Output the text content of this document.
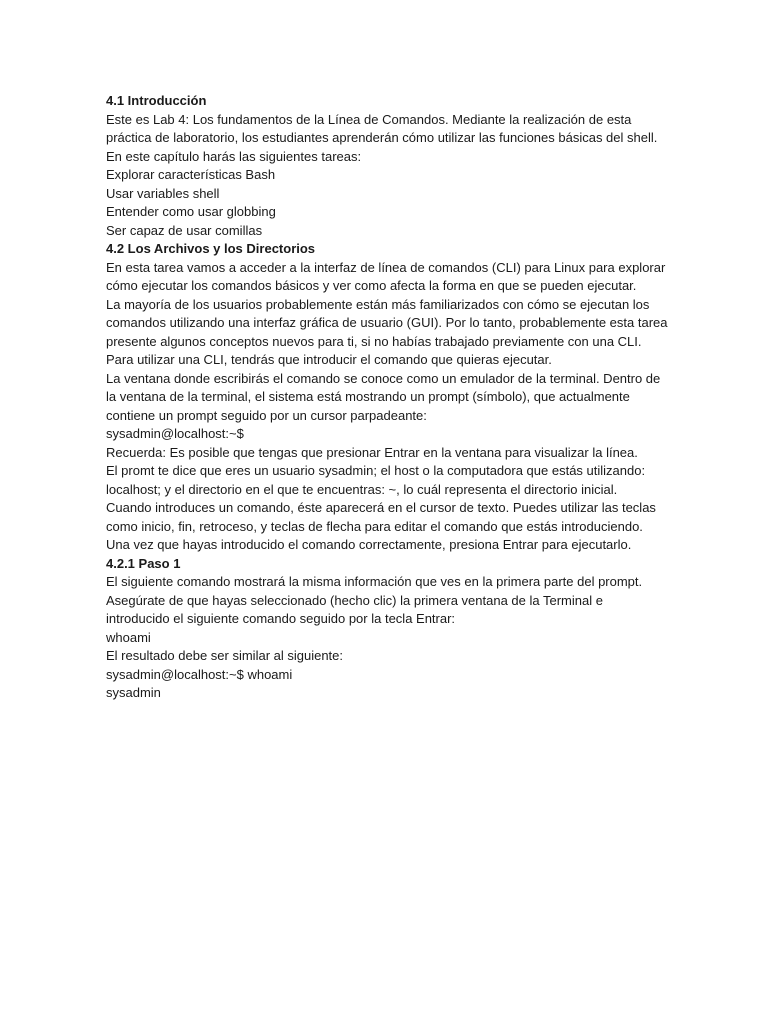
4.1 Introducción

Este es Lab 4: Los fundamentos de la Línea de Comandos. Mediante la realización de esta práctica de laboratorio, los estudiantes aprenderán cómo utilizar las funciones básicas del shell.

En este capítulo harás las siguientes tareas:

Explorar características Bash

Usar variables shell

Entender como usar globbing

Ser capaz de usar comillas

4.2 Los Archivos y los Directorios

En esta tarea vamos a acceder a la interfaz de línea de comandos (CLI) para Linux para explorar cómo ejecutar los comandos básicos y ver como afecta la forma en que se pueden ejecutar.

La mayoría de los usuarios probablemente están más familiarizados con cómo se ejecutan los comandos utilizando una interfaz gráfica de usuario (GUI). Por lo tanto, probablemente esta tarea presente algunos conceptos nuevos para ti, si no habías trabajado previamente con una CLI. Para utilizar una CLI, tendrás que introducir el comando que quieras ejecutar.

La ventana donde escribirás el comando se conoce como un emulador de la terminal. Dentro de la ventana de la terminal, el sistema está mostrando un prompt (símbolo), que actualmente contiene un prompt seguido por un cursor parpadeante:

sysadmin@localhost:~$

Recuerda: Es posible que tengas que presionar Entrar en la ventana para visualizar la línea.

El promt te dice que eres un usuario sysadmin; el host o la computadora que estás utilizando: localhost; y el directorio en el que te encuentras: ~, lo cuál representa el directorio inicial.

Cuando introduces un comando, éste aparecerá en el cursor de texto. Puedes utilizar las teclas como inicio, fin, retroceso, y teclas de flecha para editar el comando que estás introduciendo.

Una vez que hayas introducido el comando correctamente, presiona Entrar para ejecutarlo.

4.2.1 Paso 1

El siguiente comando mostrará la misma información que ves en la primera parte del prompt. Asegúrate de que hayas seleccionado (hecho clic) la primera ventana de la Terminal e introducido el siguiente comando seguido por la tecla Entrar:

whoami

El resultado debe ser similar al siguiente:

sysadmin@localhost:~$ whoami

sysadmin
